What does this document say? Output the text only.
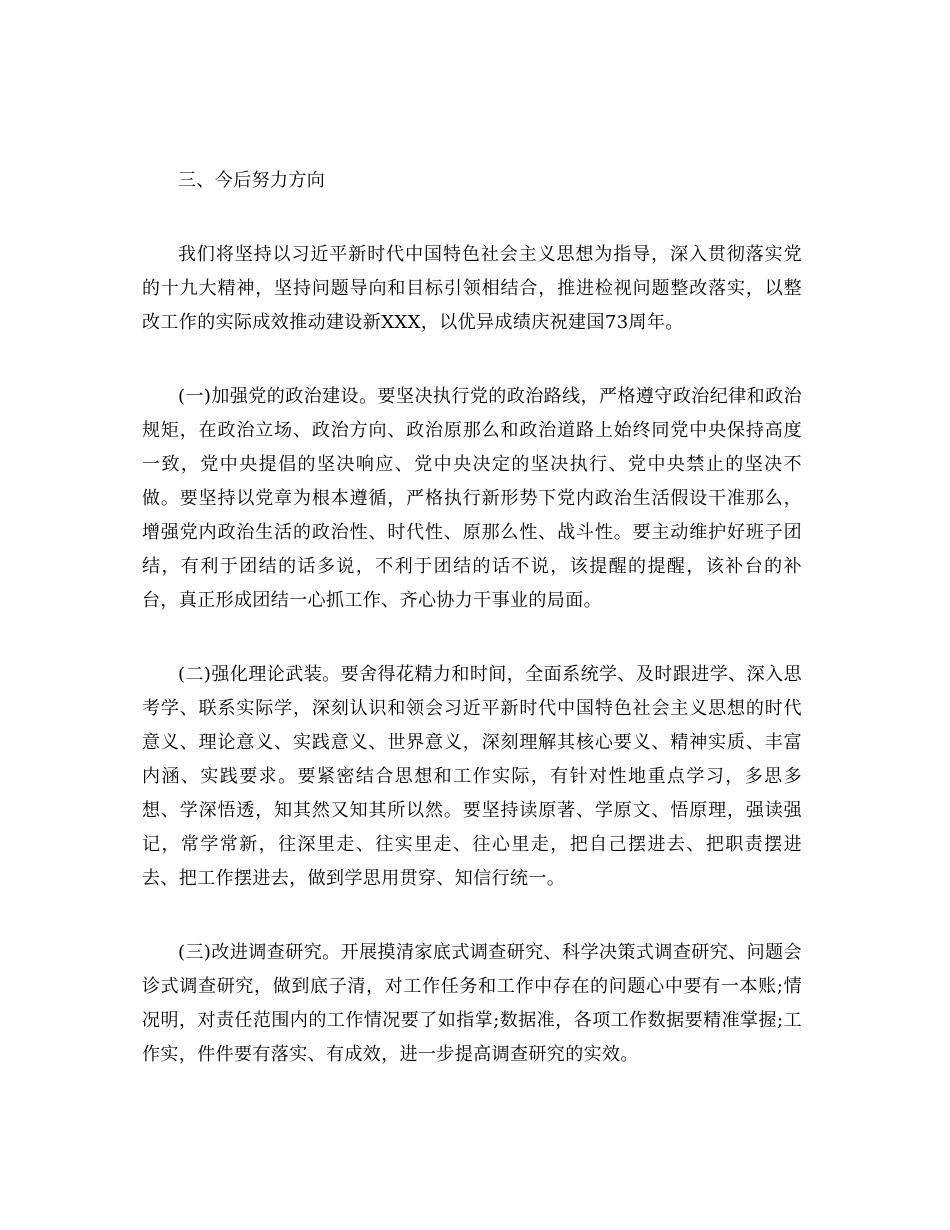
三、今后努力方向

我们将坚持以习近平新时代中国特色社会主义思想为指导，深入贯彻落实党的十九大精神，坚持问题导向和目标引领相结合，推进检视问题整改落实，以整改工作的实际成效推动建设新XXX，以优异成绩庆祝建国73周年。

(一)加强党的政治建设。要坚决执行党的政治路线，严格遵守政治纪律和政治规矩，在政治立场、政治方向、政治原那么和政治道路上始终同党中央保持高度一致，党中央提倡的坚决响应、党中央决定的坚决执行、党中央禁止的坚决不做。要坚持以党章为根本遵循，严格执行新形势下党内政治生活假设干准那么，增强党内政治生活的政治性、时代性、原那么性、战斗性。要主动维护好班子团结，有利于团结的话多说，不利于团结的话不说，该提醒的提醒，该补台的补台，真正形成团结一心抓工作、齐心协力干事业的局面。

(二)强化理论武装。要舍得花精力和时间，全面系统学、及时跟进学、深入思考学、联系实际学，深刻认识和领会习近平新时代中国特色社会主义思想的时代意义、理论意义、实践意义、世界意义，深刻理解其核心要义、精神实质、丰富内涵、实践要求。要紧密结合思想和工作实际，有针对性地重点学习，多思多想、学深悟透，知其然又知其所以然。要坚持读原著、学原文、悟原理，强读强记，常学常新，往深里走、往实里走、往心里走，把自己摆进去、把职责摆进去、把工作摆进去，做到学思用贯穿、知信行统一。

(三)改进调查研究。开展摸清家底式调查研究、科学决策式调查研究、问题会诊式调查研究，做到底子清，对工作任务和工作中存在的问题心中要有一本账;情况明，对责任范围内的工作情况要了如指掌;数据准，各项工作数据要精准掌握;工作实，件件要有落实、有成效，进一步提高调查研究的实效。
